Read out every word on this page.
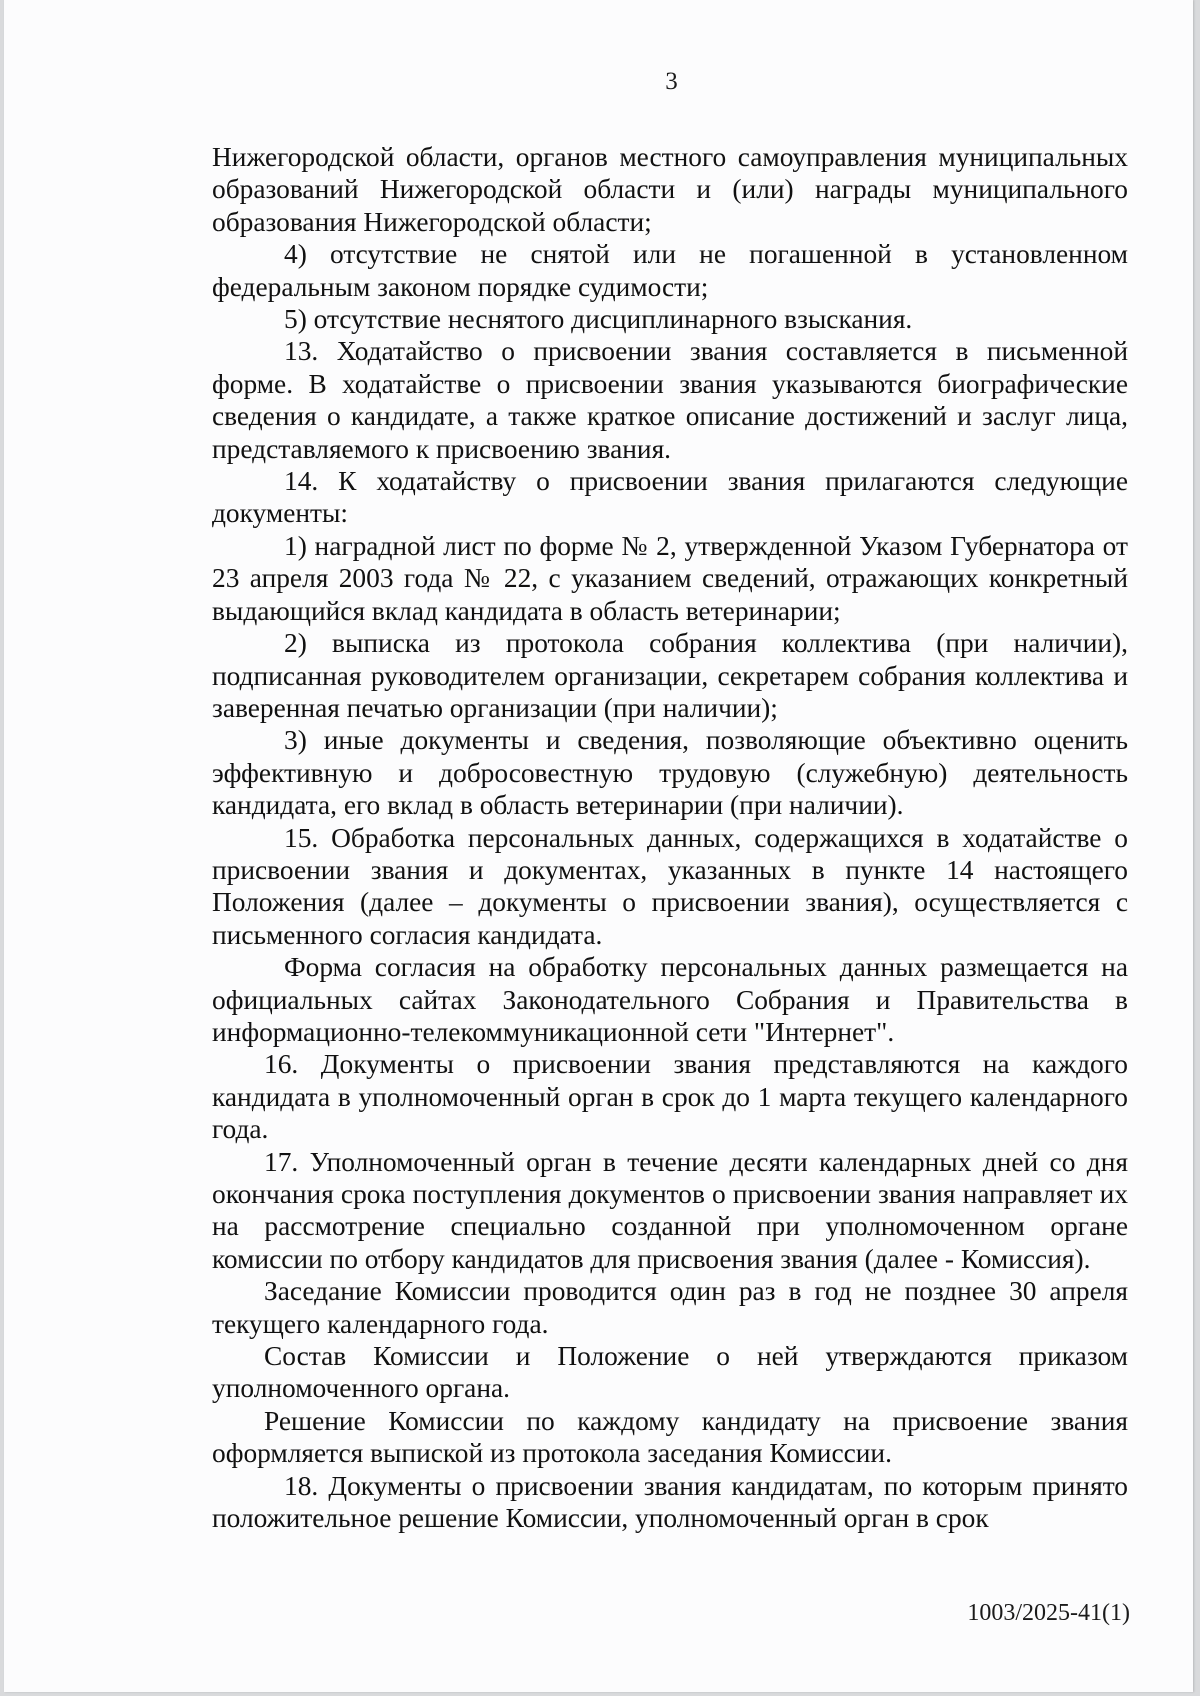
3

Нижегородской области, органов местного самоуправления муниципальных образований Нижегородской области и (или) награды муниципального образования Нижегородской области;

4) отсутствие не снятой или не погашенной в установленном федеральным законом порядке судимости;

5) отсутствие неснятого дисциплинарного взыскания.

13. Ходатайство о присвоении звания составляется в письменной форме. В ходатайстве о присвоении звания указываются биографические сведения о кандидате, а также краткое описание достижений и заслуг лица, представляемого к присвоению звания.

14. К ходатайству о присвоении звания прилагаются следующие документы:

1) наградной лист по форме № 2, утвержденной Указом Губернатора от 23 апреля 2003 года № 22, с указанием сведений, отражающих конкретный выдающийся вклад кандидата в область ветеринарии;

2) выписка из протокола собрания коллектива (при наличии), подписанная руководителем организации, секретарем собрания коллектива и заверенная печатью организации (при наличии);

3) иные документы и сведения, позволяющие объективно оценить эффективную и добросовестную трудовую (служебную) деятельность кандидата, его вклад в область ветеринарии (при наличии).

15. Обработка персональных данных, содержащихся в ходатайстве о присвоении звания и документах, указанных в пункте 14 настоящего Положения (далее – документы о присвоении звания), осуществляется с письменного согласия кандидата.

Форма согласия на обработку персональных данных размещается на официальных сайтах Законодательного Собрания и Правительства в информационно-телекоммуникационной сети "Интернет".

16. Документы о присвоении звания представляются на каждого кандидата в уполномоченный орган в срок до 1 марта текущего календарного года.

17. Уполномоченный орган в течение десяти календарных дней со дня окончания срока поступления документов о присвоении звания направляет их на рассмотрение специально созданной при уполномоченном органе комиссии по отбору кандидатов для присвоения звания (далее - Комиссия).

Заседание Комиссии проводится один раз в год не позднее 30 апреля текущего календарного года.

Состав Комиссии и Положение о ней утверждаются приказом уполномоченного органа.

Решение Комиссии по каждому кандидату на присвоение звания оформляется выпиской из протокола заседания Комиссии.

18. Документы о присвоении звания кандидатам, по которым принято положительное решение Комиссии, уполномоченный орган в срок

1003/2025-41(1)
